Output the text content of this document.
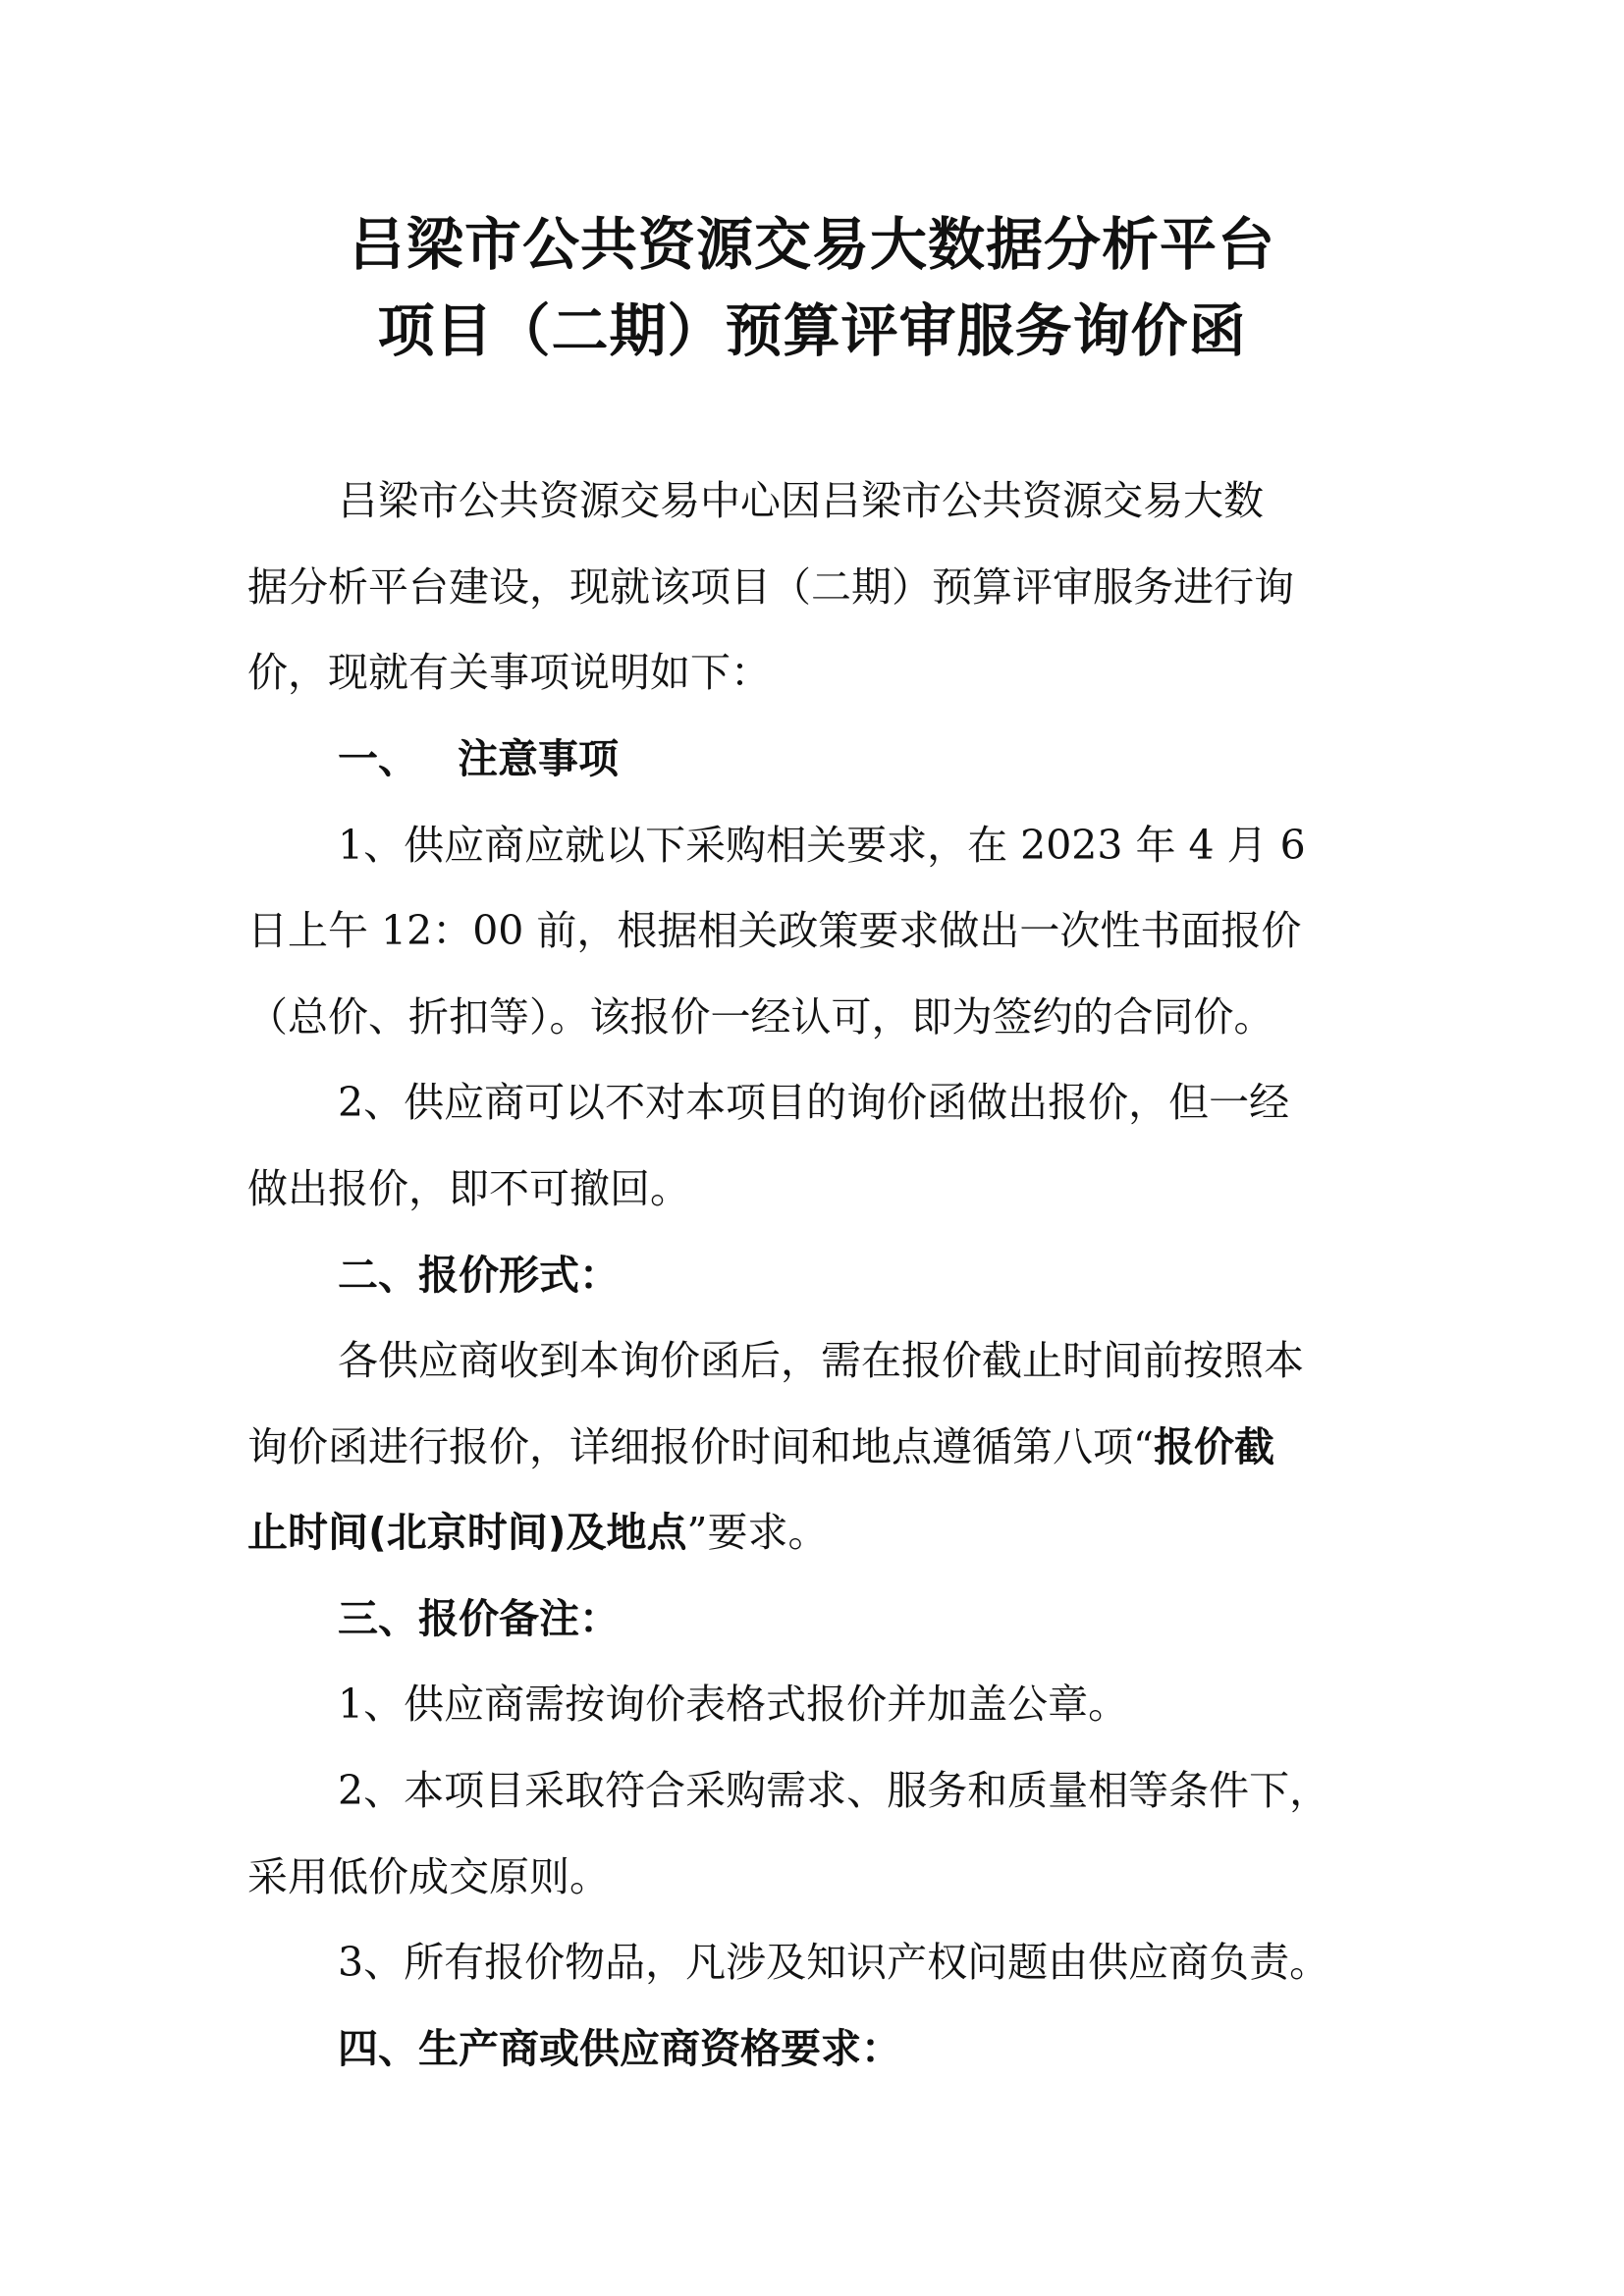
吕梁市公共资源交易大数据分析平台
项目（二期）预算评审服务询价函
吕梁市公共资源交易中心因吕梁市公共资源交易大数
据分析平台建设，现就该项目（二期）预算评审服务进行询
价，现就有关事项说明如下：
一、 注意事项
1、供应商应就以下采购相关要求，在 2023 年 4 月 6
日上午 12：00 前，根据相关政策要求做出一次性书面报价
（总价、折扣等）。该报价一经认可，即为签约的合同价。
2、供应商可以不对本项目的询价函做出报价，但一经
做出报价，即不可撤回。
二、报价形式：
各供应商收到本询价函后，需在报价截止时间前按照本
询价函进行报价，详细报价时间和地点遵循第八项“报价截
止时间(北京时间)及地点”要求。
三、报价备注：
1、供应商需按询价表格式报价并加盖公章。
2、本项目采取符合采购需求、服务和质量相等条件下，
采用低价成交原则。
3、所有报价物品，凡涉及知识产权问题由供应商负责。
四、生产商或供应商资格要求：
